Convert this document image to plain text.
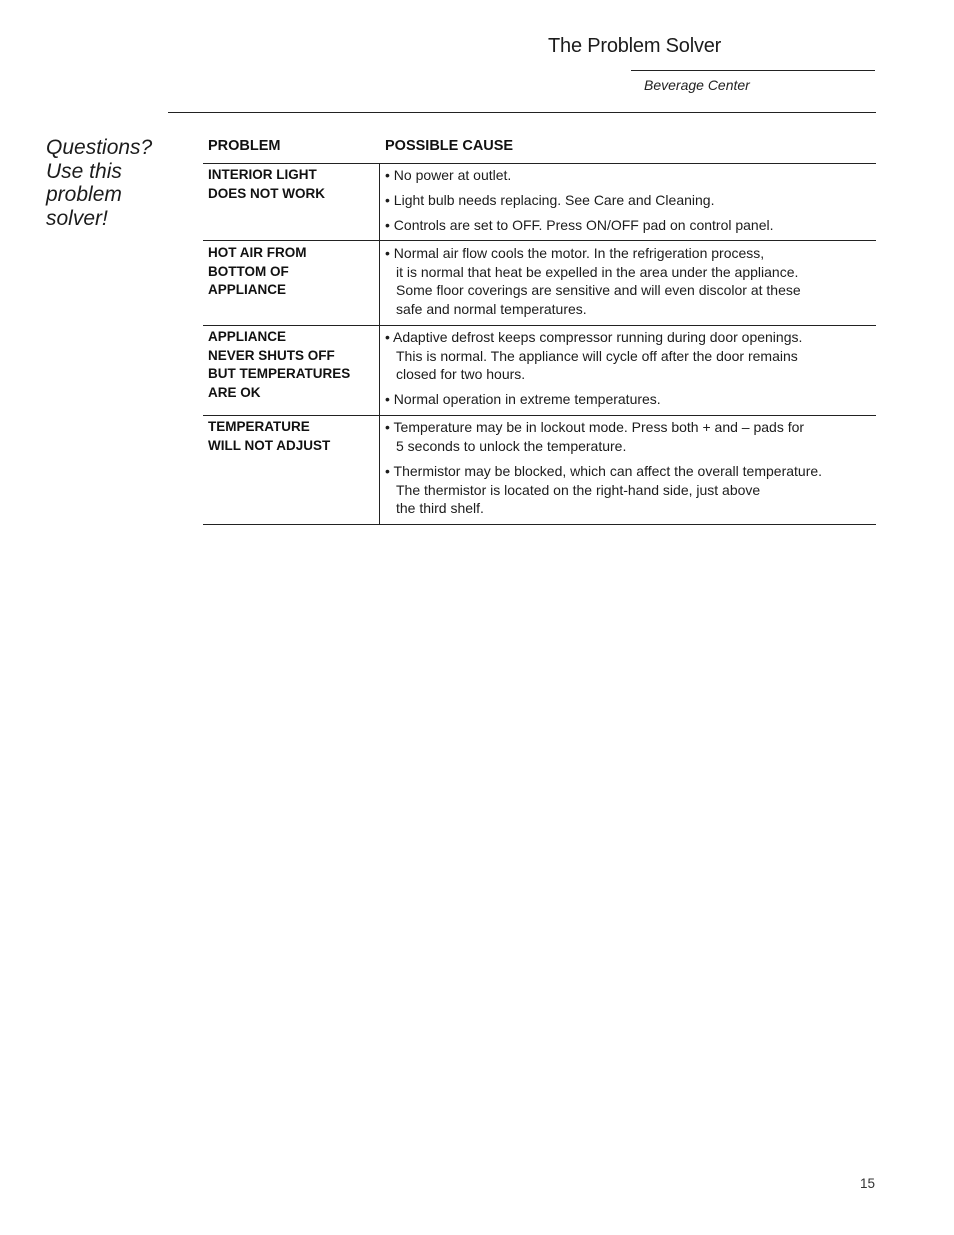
The Problem Solver
Beverage Center
Questions?
Use this
problem
solver!
PROBLEM	POSSIBLE CAUSE
INTERIOR LIGHT
DOES NOT WORK
• No power at outlet.
• Light bulb needs replacing. See Care and Cleaning.
• Controls are set to OFF. Press ON/OFF pad on control panel.
HOT AIR FROM
BOTTOM OF
APPLIANCE
• Normal air flow cools the motor. In the refrigeration process,
it is normal that heat be expelled in the area under the appliance.
Some floor coverings are sensitive and will even discolor at these
safe and normal temperatures.
APPLIANCE
NEVER SHUTS OFF
BUT TEMPERATURES
ARE OK
• Adaptive defrost keeps compressor running during door openings.
This is normal. The appliance will cycle off after the door remains
closed for two hours.
• Normal operation in extreme temperatures.
TEMPERATURE
WILL NOT ADJUST
• Temperature may be in lockout mode. Press both + and – pads for
5 seconds to unlock the temperature.
• Thermistor may be blocked, which can affect the overall temperature.
The thermistor is located on the right-hand side, just above
the third shelf.
15
